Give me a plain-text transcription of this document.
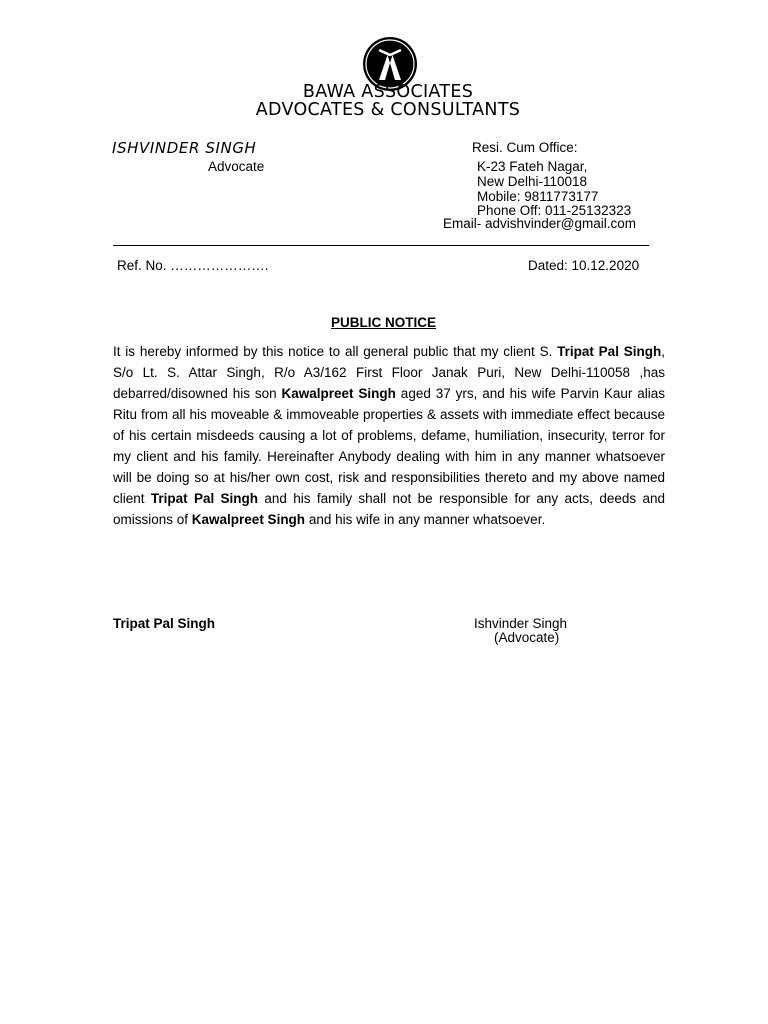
BAWA ASSOCIATES
ADVOCATES & CONSULTANTS
ISHVINDER SINGH
Advocate
Resi. Cum Office:
K-23 Fateh Nagar,
New Delhi-110018
Mobile: 9811773177
Phone Off: 011-25132323
Email- advishvinder@gmail.com
Ref. No. ………………….	Dated: 10.12.2020
PUBLIC NOTICE
It is hereby informed by this notice to all general public that my client S. Tripat Pal Singh, S/o Lt. S. Attar Singh, R/o A3/162 First Floor Janak Puri, New Delhi-110058 ,has debarred/disowned his son Kawalpreet Singh aged 37 yrs, and his wife Parvin Kaur alias Ritu from all his moveable & immoveable properties & assets with immediate effect because of his certain misdeeds causing a lot of problems, defame, humiliation, insecurity, terror for my client and his family. Hereinafter Anybody dealing with him in any manner whatsoever will be doing so at his/her own cost, risk and responsibilities thereto and my above named client Tripat Pal Singh and his family shall not be responsible for any acts, deeds and omissions of Kawalpreet Singh and his wife in any manner whatsoever.
Tripat Pal Singh	Ishvinder Singh
(Advocate)
